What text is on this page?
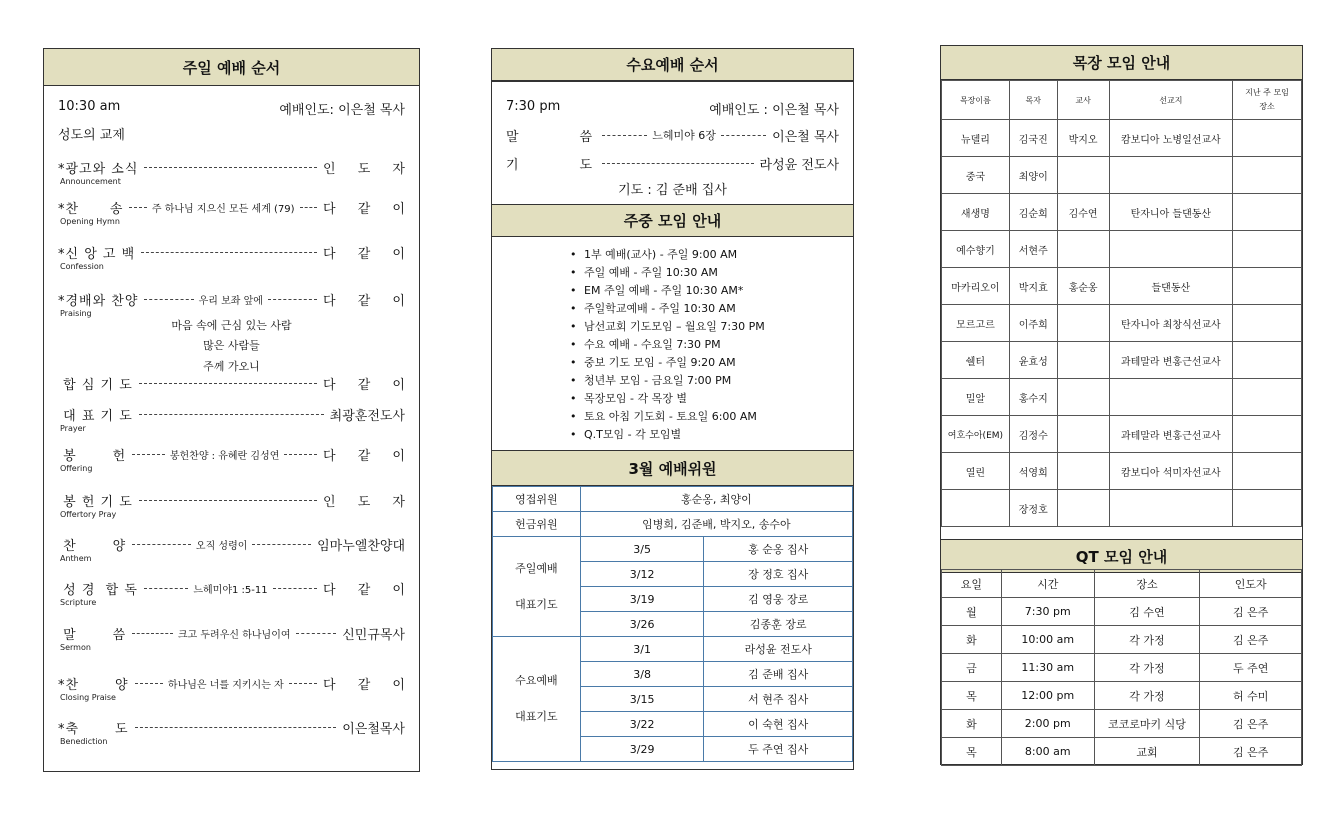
주일 예배 순서
10:30 am	예배인도: 이은철 목사
성도의 교제
*광고와 소식	인 도 자
Announcement
*찬      송	주 하나님 지으신 모든 세계 (79)	다 같 이
Opening Hymn
*신 앙 고 백	다 같 이
Confession
*경배와 찬양	우리 보좌 앞에	다 같 이
Praising
합 심 기 도	다 같 이
대 표 기 도	최광훈전도사
Prayer
봉       헌	봉헌찬양 : 유혜란 김성연	다 같 이
Offering
봉 헌 기 도	인 도 자
Offertory Pray
찬       양	오직 성령이	임마누엘찬양대
Anthem
성 경  합 독	느헤미야1 :5-11	다 같 이
Scripture
말       씀	크고 두려우신 하나님이여	신민규목사
Sermon
*찬       양	하나님은 너를 지키시는 자	다 같 이
Closing Praise
*축       도	이은철목사
Benediction
마음 속에 근심 있는 사람
많은 사람들
주께 가오니
수요예배 순서
7:30 pm	예배인도 : 이은철 목사
말       씀	느헤미야 6장	이은철 목사
기       도	라성윤 전도사
기도 : 김 준배 집사
주중 모임 안내
• 1부 예배(교사) - 주일 9:00 AM
• 주일 예배 - 주일 10:30 AM
• EM 주일 예배 - 주일 10:30 AM*
• 주일학교예배 - 주일 10:30 AM
• 남선교회 기도모임 – 월요일 7:30 PM
• 수요 예배 - 수요일 7:30 PM
• 중보 기도 모임 - 주일 9:20 AM
• 청년부 모임 - 금요일 7:00 PM
• 목장모임 - 각 목장 별
• 토요 아침 기도회 - 토요일 6:00 AM
• Q.T모임 - 각 모임별
3월 예배위원
영접위원	홍순옹, 최양이	
헌금위원	임병희, 김준배, 박지오, 송수아	

주일예배
대표기도	3/5	홍 순옹 집사
	3/12	장 정호 집사
	3/19	김 영웅 장로
	3/26	김종훈 장로

수요예배
대표기도	3/1	라성윤 전도사
	3/8	김 준배 집사
	3/15	서 현주 집사
	3/22	이 숙현 집사
	3/29	두 주연 집사
목장 모임 안내
목장이름	목자	교사	선교지	지난 주 모임 장소
뉴델리	김국진	박지오	캄보디아 노병일선교사	
중국	최양이			
새생명	김순희	김수연	탄자니아 들댄동산	
예수향기	서현주			
마카리오이	박지효	홍순옹	들댄동산	
모르고르	이주희		탄자니아 최창식선교사	
쉘터	윤효성		과테말라 변홍근선교사	
밀알	홍수지			
여호수아(EM)	김정수		과테말라 변홍근선교사	
열린	석영희		캄보디아 석미자선교사	
	장정호			
QT 모임 안내
요일	시간	장소	인도자
월	7:30 pm	김 수연	김 은주
화	10:00 am	각 가정	김 은주
금	11:30 am	각 가정	두 주연
목	12:00 pm	각 가정	허 수미
화	2:00 pm	코코로마키 식당	김 은주
목	8:00 am	교회	김 은주
